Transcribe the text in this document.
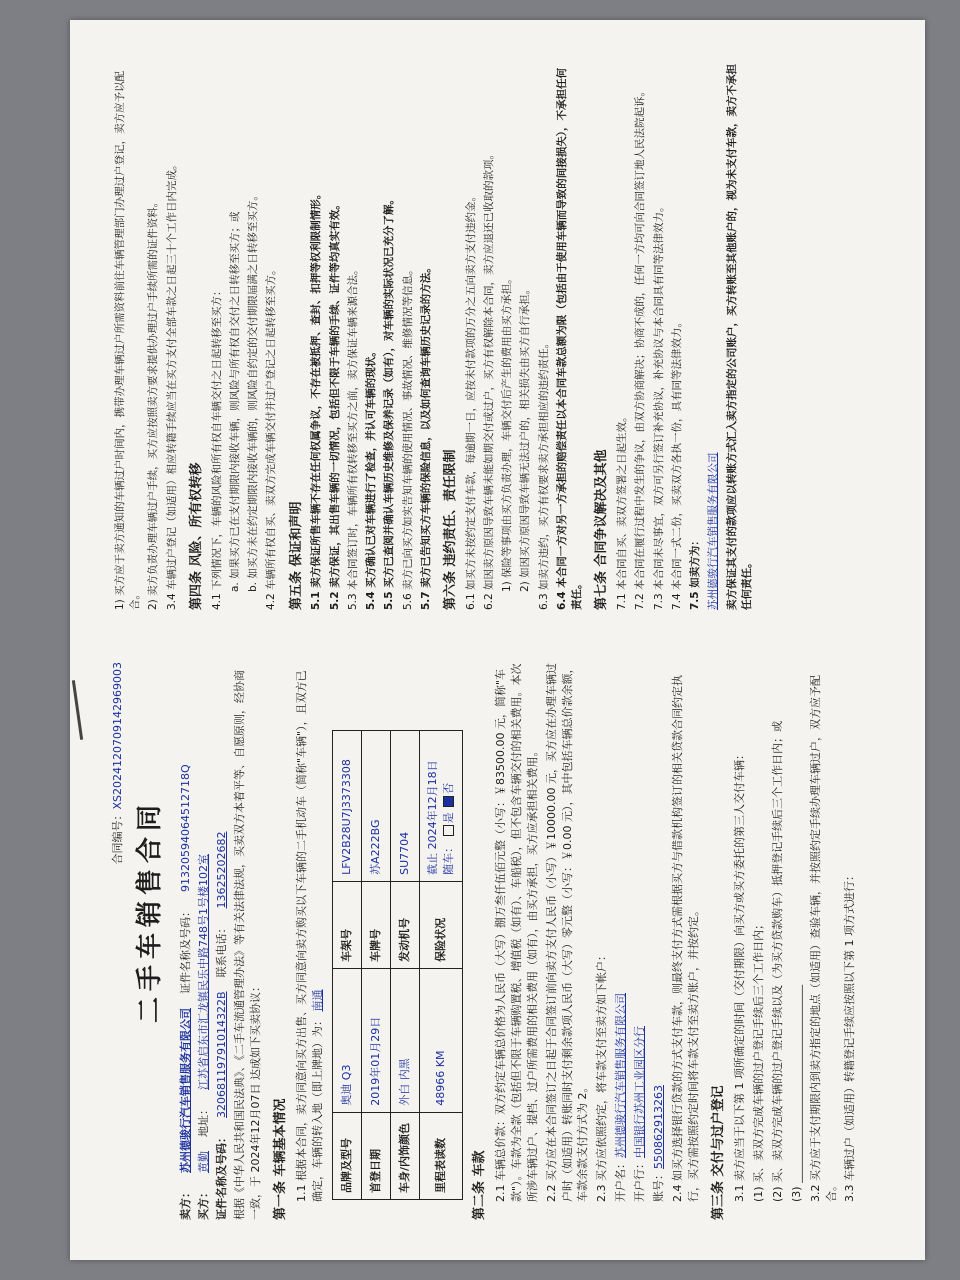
合同编号：XS2024120709142969003
二手车销售合同
卖方：
苏州德骏行汽车销售服务有限公司
证件名称及号码：
91320594064512718Q
买方：
黄勤
地址：
江苏省启东市汇龙镇民乐中路748号1号楼102室
证件名称及号码：
32068119791014322B
联系电话：
13625202682 根据《中华人民共和国民法典》、《二手车流通管理办法》等有关法律法规，买卖双方本着平等、自愿原则，经协商一致，于 2024年12月07日 达成如下买卖协议： 第一条 车辆基本情况 1.1 根据本合同，卖方同意向买方出售、买方同意向卖方购买以下车辆的二手机动车（简称"车辆"），且双方已确定，车辆的转入地（即上牌地）为： 南通

品牌及型号	奥迪 Q3	车架号	LFV2B28U7J3373308
首登日期	2019年01月29日	车牌号	苏A222BG
车身/内饰颜色	外白 内黑	发动机号	SU7704
里程表读数	48966 KM	保险状况	截止 2024年12月18日 随车： 是 否
第二条 车款 2.1 车辆总价款：双方约定车辆总价格为人民币（大写）捌万叁仟伍佰元整（小写：￥83500.00 元，简称"车款"）。车款为全款（包括但不限于车辆购置税、增值税（如有）、车船税），但不包含车辆交付的相关费用。本次所涉车辆过户、提档、过户所需费用的相关费用（如有），由买方承担，买方应承担相关费用。 2.2 买方应在本合同签订之日起于合同签订前向卖方支付人民币（小写）￥10000.00 元，买方应在办理车辆过户时（如适用）转账同时支付剩余款项人民币（大写）零元整（小写：￥0.00 元），其中包括车辆总价款余额，车款余款支付方式为 2。 2.3 买方应依照约定，将车款支付至卖方如下帐户： 开户名：苏州德骏行汽车销售服务有限公司

开户行：中国银行苏州工业园区分行

账号：550862913263 2.4 如买方选择银行贷款的方式支付车款，则最终支付方式需根据买方与借款机构签订的相关贷款合同约定执行，买方需按照约定时间将车款支付至卖方账户，并按约定。 第三条 交付与过户登记 3.1 卖方应当于以下第 1 项所确定的时间（交付期限）向买方或买方委托的第三人交付车辆： (1) 买、卖双方完成车辆的过户登记手续后三个工作日内； (2) 买、卖双方完成车辆的过户登记手续以及（为买方贷款购车）抵押登记手续后三个工作日内；或 (3) ____________________________________ 3.2 买方应于支付期限内到卖方指定的地点（如适用）查验车辆，并按照约定手续办理车辆过户，双方应予配合。 3.3 车辆过户（如适用）转籍登记手续应按照以下第 1 项方式进行：

1) 买方应于卖方通知的车辆过户时间内，携带办理车辆过户所需资料前往车辆管理部门办理过户登记，卖方应予以配合。 2) 卖方负责办理车辆过户手续，买方应按照卖方要求提供办理过户手续所需的证件资料。 3.4 车辆过户登记（如适用）相应转籍手续应当在买方支付全部车款之日起三十个工作日内完成。 第四条 风险、所有权转移 4.1 下列情况下，车辆的风险和所有权自车辆交付之日起转移至买方： a. 如果买方已在支付期限内接收车辆，则风险与所有权自交付之日转移至买方；或 b. 如买方未在约定期限内接收车辆的，则风险自约定的交付期限届满之日转移至买方。 4.2 车辆所有权自买、卖双方完成车辆交付并过户登记之日起转移至买方。 第五条 保证和声明 5.1 卖方保证所售车辆不存在任何权属争议，不存在被抵押、查封、扣押等权利限制情形。 5.2 卖方保证，其出售车辆的一切情况，包括但不限于车辆的手续、证件等均真实有效。 5.3 本合同签订时，车辆所有权转移至买方之前，卖方保证车辆来源合法。 5.4 买方确认已对车辆进行了检查，并认可车辆的现状。 5.5 买方已查阅并确认车辆历史维修及保养记录（如有），对车辆的实际状况已充分了解。 5.6 卖方已向买方如实告知车辆的使用情况、事故情况、维修情况等信息。 5.7 卖方已告知买方车辆的保险信息，以及如何查询车辆历史记录的方法。 第六条 违约责任、责任限制 6.1 如买方未按约定支付车款，每逾期一日，应按未付款项的万分之五向卖方支付违约金。 6.2 如因卖方原因导致车辆未能如期交付或过户，买方有权解除本合同，卖方应退还已收取的款项。 1) 保险等事项由买方负责办理，车辆交付后产生的费用由买方承担。 2) 如因买方原因导致车辆无法过户的，相关损失由买方自行承担。 6.3 如卖方违约，买方有权要求卖方承担相应的违约责任。 6.4 本合同一方对另一方承担的赔偿责任以本合同车款总额为限（包括由于使用车辆而导致的间接损失），不承担任何责任。 第七条 合同争议解决及其他 7.1 本合同自买、卖双方签署之日起生效。 7.2 本合同在履行过程中发生的争议，由双方协商解决；协商不成的，任何一方均可向合同签订地人民法院起诉。 7.3 本合同未尽事宜，双方可另行签订补充协议，补充协议与本合同具有同等法律效力。 7.4 本合同一式二份，买卖双方各执一份，具有同等法律效力。 7.5 如卖方为： 苏州德骏行汽车销售服务有限公司 卖方保证其支付的款项应以转账方式汇入卖方指定的公司账户，买方转账至其他账户的，视为未支付车款，卖方不承担任何责任。
